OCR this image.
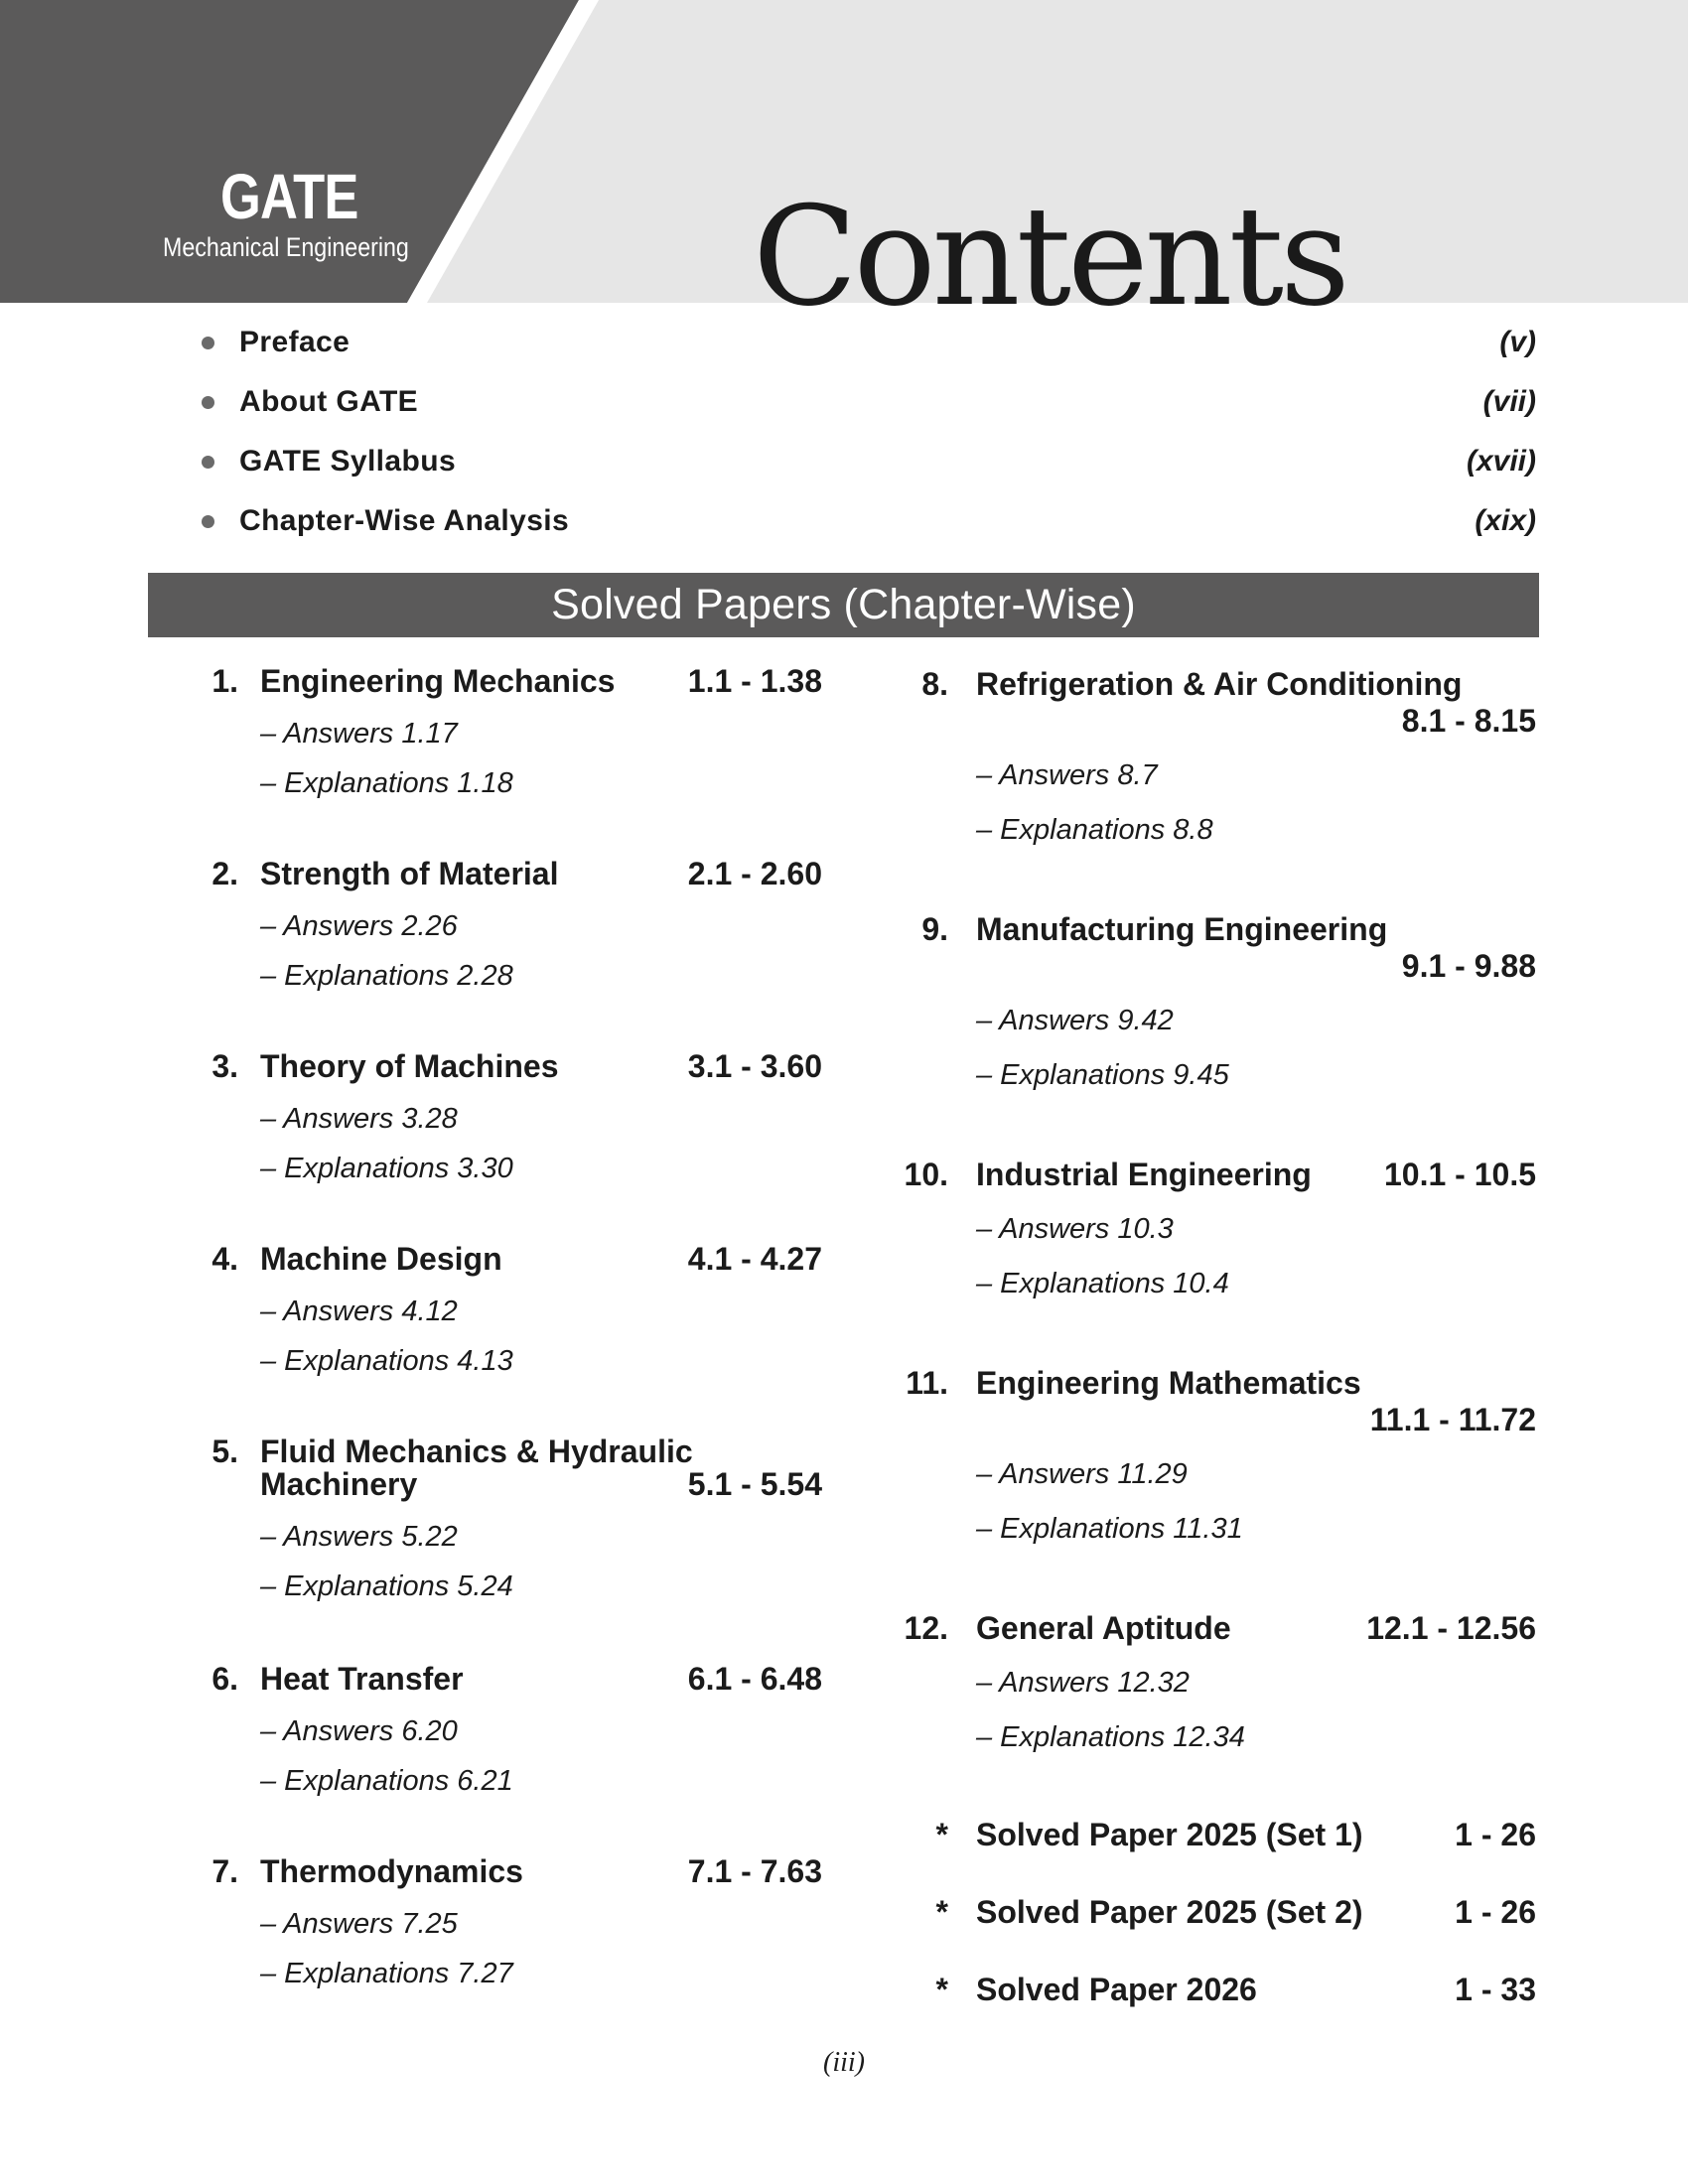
GATE
Mechanical Engineering	Contents
Preface	(v)
About GATE	(vii)
GATE Syllabus	(xvii)
Chapter-Wise Analysis	(xix)
Solved Papers (Chapter-Wise)
1. Engineering Mechanics 1.1 - 1.38
– Answers 1.17
– Explanations 1.18
2. Strength of Material	2.1 - 2.60
– Answers 2.26
– Explanations 2.28
3. Theory of Machines	3.1 - 3.60
– Answers 3.28
– Explanations 3.30
4. Machine Design	4.1 - 4.27
– Answers 4.12
– Explanations 4.13
5. Fluid Mechanics & Hydraulic
Machinery	5.1 - 5.54
– Answers 5.22
– Explanations 5.24
6. Heat Transfer	6.1 - 6.48
– Answers 6.20
– Explanations 6.21
7. Thermodynamics	7.1 - 7.63
– Answers 7.25
– Explanations 7.27
8. Refrigeration & Air Conditioning
8.1 - 8.15
– Answers 8.7
– Explanations 8.8
9. Manufacturing Engineering
9.1 - 9.88
– Answers 9.42
– Explanations 9.45
10. Industrial Engineering 10.1 - 10.5
– Answers 10.3
– Explanations 10.4
11. Engineering Mathematics
11.1 - 11.72
– Answers 11.29
– Explanations 11.31
12. General Aptitude	12.1 - 12.56
– Answers 12.32
– Explanations 12.34
* Solved Paper 2025 (Set 1)	1 - 26
* Solved Paper 2025 (Set 2)	1 - 26
* Solved Paper 2026	1 - 33
(iii)
